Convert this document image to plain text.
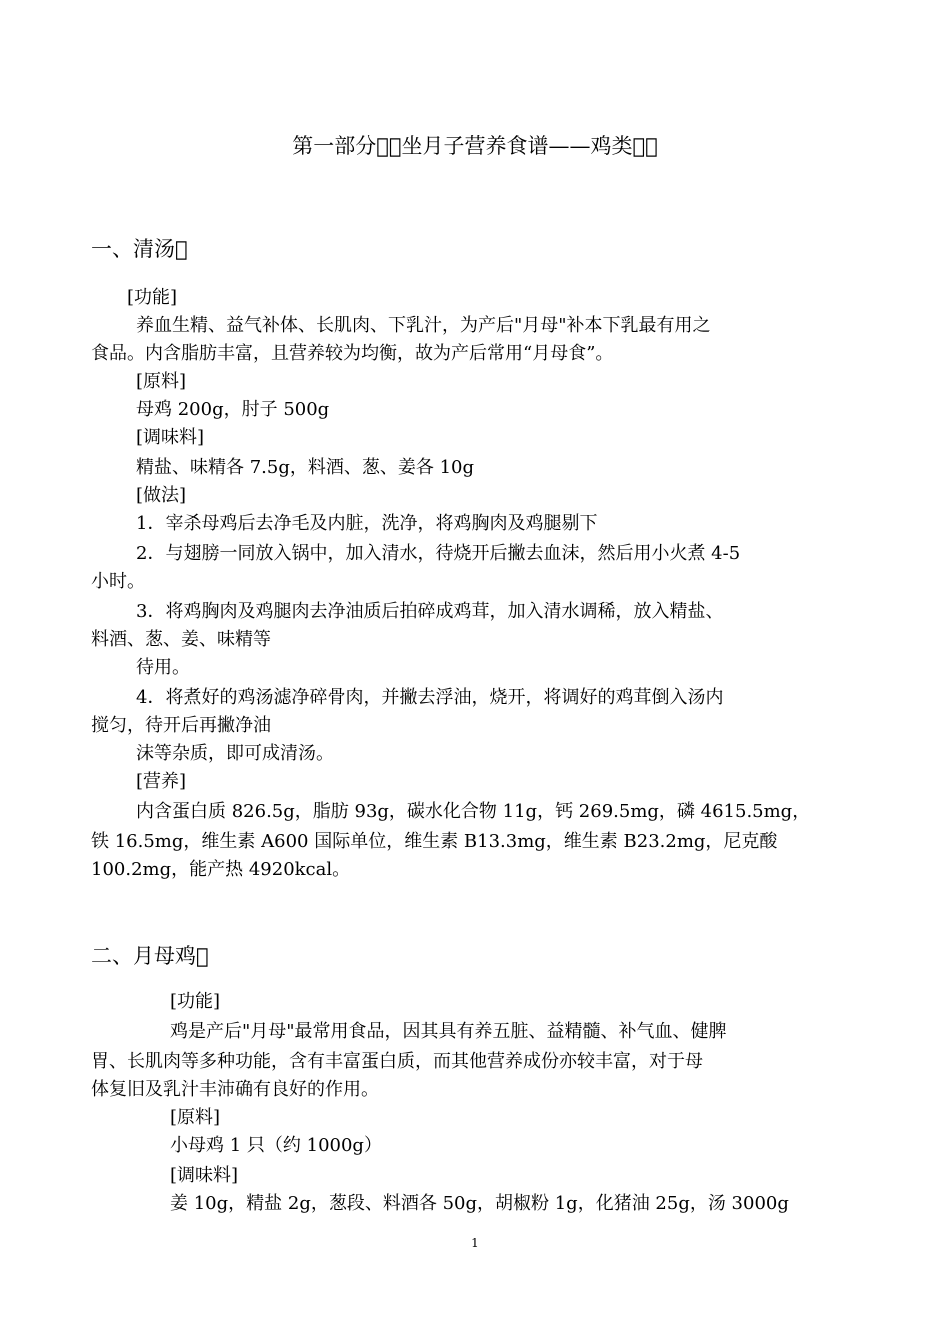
第一部分  坐月子营养食谱——鸡类  
一、清汤 
[功能]
养血生精、益气补体、长肌肉、下乳汁，为产后"月母"补本下乳最有用之
食品。内含脂肪丰富，且营养较为均衡，故为产后常用“月母食”。
[原料]
母鸡 200g，肘子 500g
[调味料]
精盐、味精各 7.5g，料酒、葱、姜各 10g
[做法]
1．宰杀母鸡后去净毛及内脏，洗净，将鸡胸肉及鸡腿剔下
2．与翅膀一同放入锅中，加入清水，待烧开后撇去血沫，然后用小火煮 4-5
小时。
3．将鸡胸肉及鸡腿肉去净油质后拍碎成鸡茸，加入清水调稀，放入精盐、
料酒、葱、姜、味精等
待用。
4．将煮好的鸡汤滤净碎骨肉，并撇去浮油，烧开，将调好的鸡茸倒入汤内
搅匀，待开后再撇净油
沫等杂质，即可成清汤。
[营养]
内含蛋白质 826.5g，脂肪 93g，碳水化合物 11g，钙 269.5mg，磷 4615.5mg，
铁 16.5mg，维生素 A600 国际单位，维生素 B13.3mg，维生素 B23.2mg，尼克酸
100.2mg，能产热 4920kcal。
二、月母鸡 
[功能]
鸡是产后"月母"最常用食品，因其具有养五脏、益精髓、补气血、健脾
胃、长肌肉等多种功能，含有丰富蛋白质，而其他营养成份亦较丰富，对于母
体复旧及乳汁丰沛确有良好的作用。
[原料]
小母鸡 1 只（约 1000g）
[调味料]
姜 10g，精盐 2g，葱段、料酒各 50g，胡椒粉 1g，化猪油 25g，汤 3000g
1
